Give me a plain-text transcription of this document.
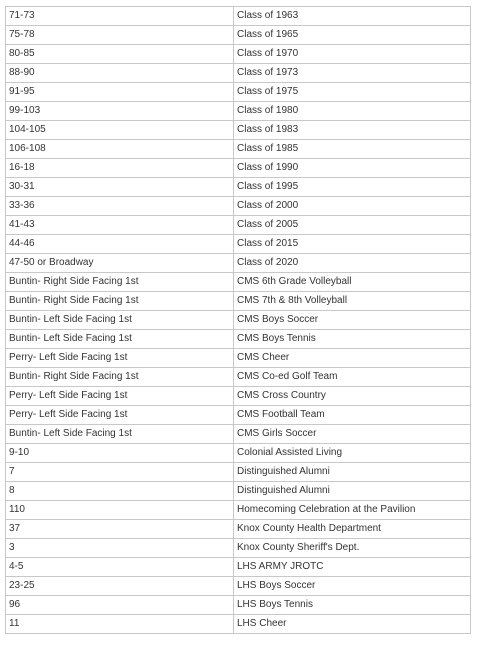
71-73	Class of 1963
75-78	Class of 1965
80-85	Class of 1970
88-90	Class of 1973
91-95	Class of 1975
99-103	Class of 1980
104-105	Class of 1983
106-108	Class of 1985
16-18	Class of 1990
30-31	Class of 1995
33-36	Class of 2000
41-43	Class of 2005
44-46	Class of 2015
47-50 or Broadway	Class of 2020
Buntin- Right Side Facing 1st	CMS 6th Grade Volleyball
Buntin- Right Side Facing 1st	CMS 7th & 8th Volleyball
Buntin- Left Side Facing 1st	CMS Boys Soccer
Buntin- Left Side Facing 1st	CMS Boys Tennis
Perry- Left Side Facing 1st	CMS Cheer
Buntin- Right Side Facing 1st	CMS Co-ed Golf Team
Perry- Left Side Facing 1st	CMS Cross Country
Perry- Left Side Facing 1st	CMS Football Team
Buntin- Left Side Facing 1st	CMS Girls Soccer
9-10	Colonial Assisted Living
7	Distinguished Alumni
8	Distinguished Alumni
110	Homecoming Celebration at the Pavilion
37	Knox County Health Department
3	Knox County Sheriff's Dept.
4-5	LHS ARMY JROTC
23-25	LHS Boys Soccer
96	LHS Boys Tennis
11	LHS Cheer
